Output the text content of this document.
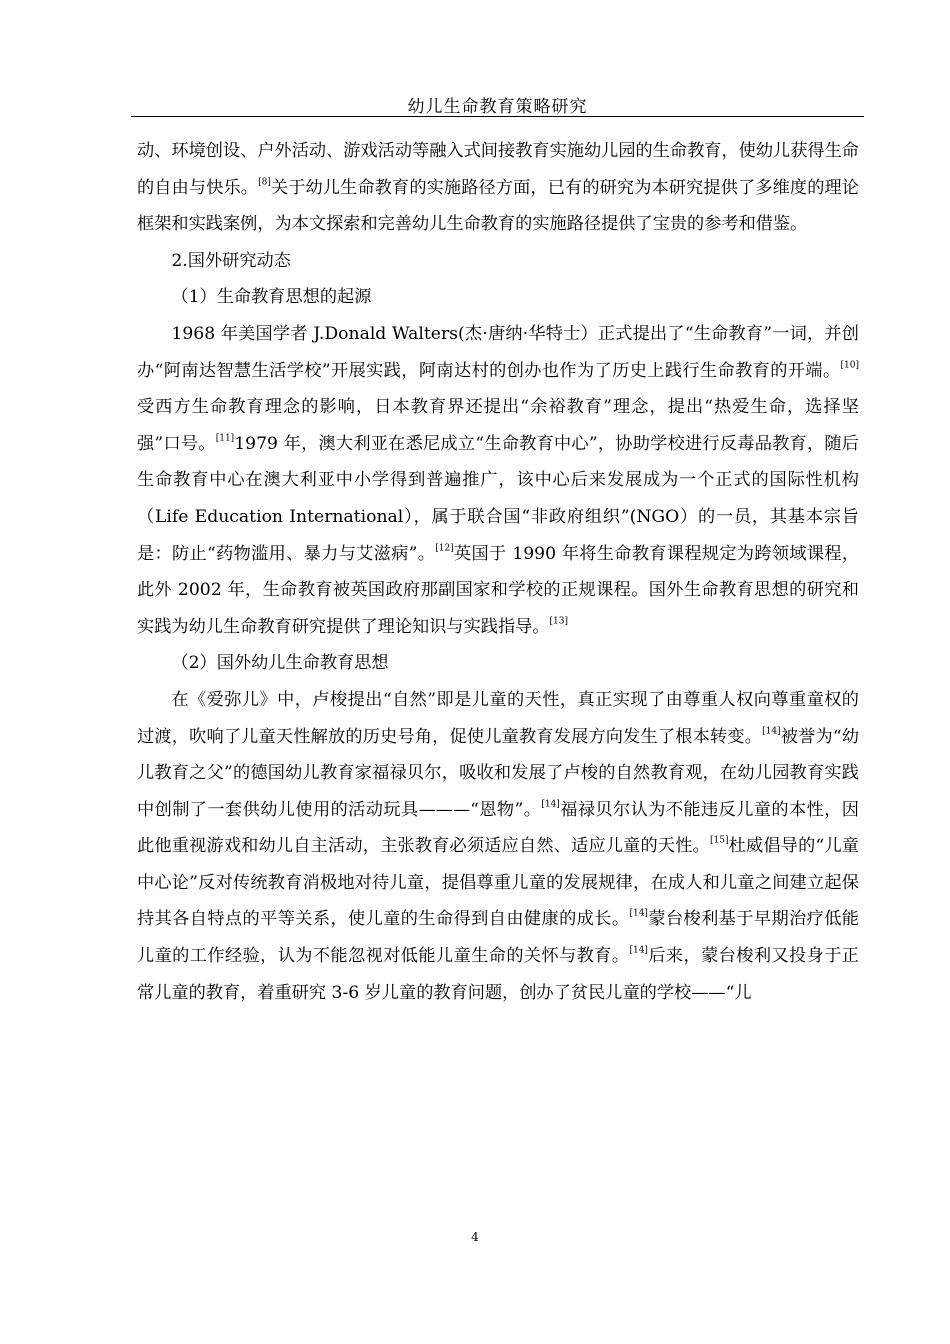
幼儿生命教育策略研究

动、环境创设、户外活动、游戏活动等融入式间接教育实施幼儿园的生命教育，使幼儿获得生命的自由与快乐。[8]关于幼儿生命教育的实施路径方面，已有的研究为本研究提供了多维度的理论框架和实践案例，为本文探索和完善幼儿生命教育的实施路径提供了宝贵的参考和借鉴。

2.国外研究动态

（1）生命教育思想的起源

1968 年美国学者 J.Donald Walters(杰·唐纳·华特士）正式提出了“生命教育”一词，并创办“阿南达智慧生活学校”开展实践，阿南达村的创办也作为了历史上践行生命教育的开端。[10]受西方生命教育理念的影响，日本教育界还提出“余裕教育”理念，提出“热爱生命，选择坚强”口号。[11]1979 年，澳大利亚在悉尼成立“生命教育中心”，协助学校进行反毒品教育，随后生命教育中心在澳大利亚中小学得到普遍推广，该中心后来发展成为一个正式的国际性机构（Life Education International），属于联合国“非政府组织”(NGO）的一员，其基本宗旨是：防止“药物滥用、暴力与艾滋病”。[12]英国于 1990 年将生命教育课程规定为跨领域课程，此外 2002 年，生命教育被英国政府那副国家和学校的正规课程。国外生命教育思想的研究和实践为幼儿生命教育研究提供了理论知识与实践指导。[13]

（2）国外幼儿生命教育思想

在《爱弥儿》中，卢梭提出“自然”即是儿童的天性，真正实现了由尊重人权向尊重童权的过渡，吹响了儿童天性解放的历史号角，促使儿童教育发展方向发生了根本转变。[14]被誉为“幼儿教育之父”的德国幼儿教育家福禄贝尔，吸收和发展了卢梭的自然教育观，在幼儿园教育实践中创制了一套供幼儿使用的活动玩具———“恩物”。[14]福禄贝尔认为不能违反儿童的本性，因此他重视游戏和幼儿自主活动，主张教育必须适应自然、适应儿童的天性。[15]杜威倡导的“儿童中心论”反对传统教育消极地对待儿童，提倡尊重儿童的发展规律，在成人和儿童之间建立起保持其各自特点的平等关系，使儿童的生命得到自由健康的成长。[14]蒙台梭利基于早期治疗低能儿童的工作经验，认为不能忽视对低能儿童生命的关怀与教育。[14]后来，蒙台梭利又投身于正常儿童的教育，着重研究 3-6 岁儿童的教育问题，创办了贫民儿童的学校——“儿

4
